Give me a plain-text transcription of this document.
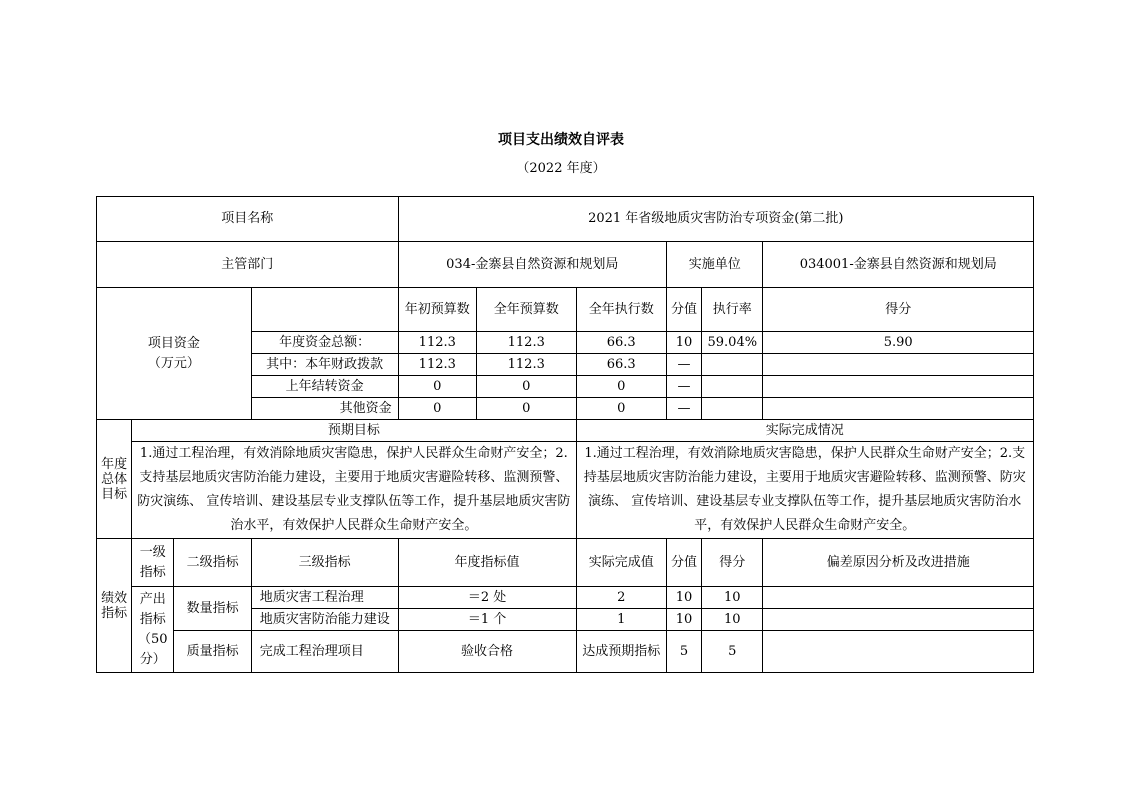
项目支出绩效自评表
（2022 年度）
项目名称				2021 年省级地质灾害防治专项资金(第二批)					
主管部门				034-金寨县自然资源和规划局			实施单位		034001-金寨县自然资源和规划局
项目资金
（万元）				年初预算数	全年预算数	全年执行数	分值	执行率	得分
			年度资金总额：	112.3	112.3	66.3	10	59.04%	5.90
			其中：本年财政拨款	112.3	112.3	66.3	—		
			上年结转资金	0	0	0	—		
			其他资金	0	0	0	—		
年度总体目标	预期目标					实际完成情况			
	1.通过工程治理，有效消除地质灾害隐患，保护人民群众生命财产安全；2.支持基层地质灾害防治能力建设，主要用于地质灾害避险转移、监测预警、防灾演练、 宣传培训、建设基层专业支撑队伍等工作，提升基层地质灾害防治水平，有效保护人民群众生命财产安全。					1.通过工程治理，有效消除地质灾害隐患，保护人民群众生命财产安全；2.支持基层地质灾害防治能力建设，主要用于地质灾害避险转移、监测预警、防灾演练、 宣传培训、建设基层专业支撑队伍等工作，提升基层地质灾害防治水平，有效保护人民群众生命财产安全。			
绩效指标	一级指标	二级指标	三级指标	年度指标值		实际完成值	分值	得分	偏差原因分析及改进措施
	产出指标（50分）	数量指标	地质灾害工程治理	＝2 处		2	10	10	
			地质灾害防治能力建设	＝1 个		1	10	10	
		质量指标	完成工程治理项目	验收合格		达成预期指标	5	5	
